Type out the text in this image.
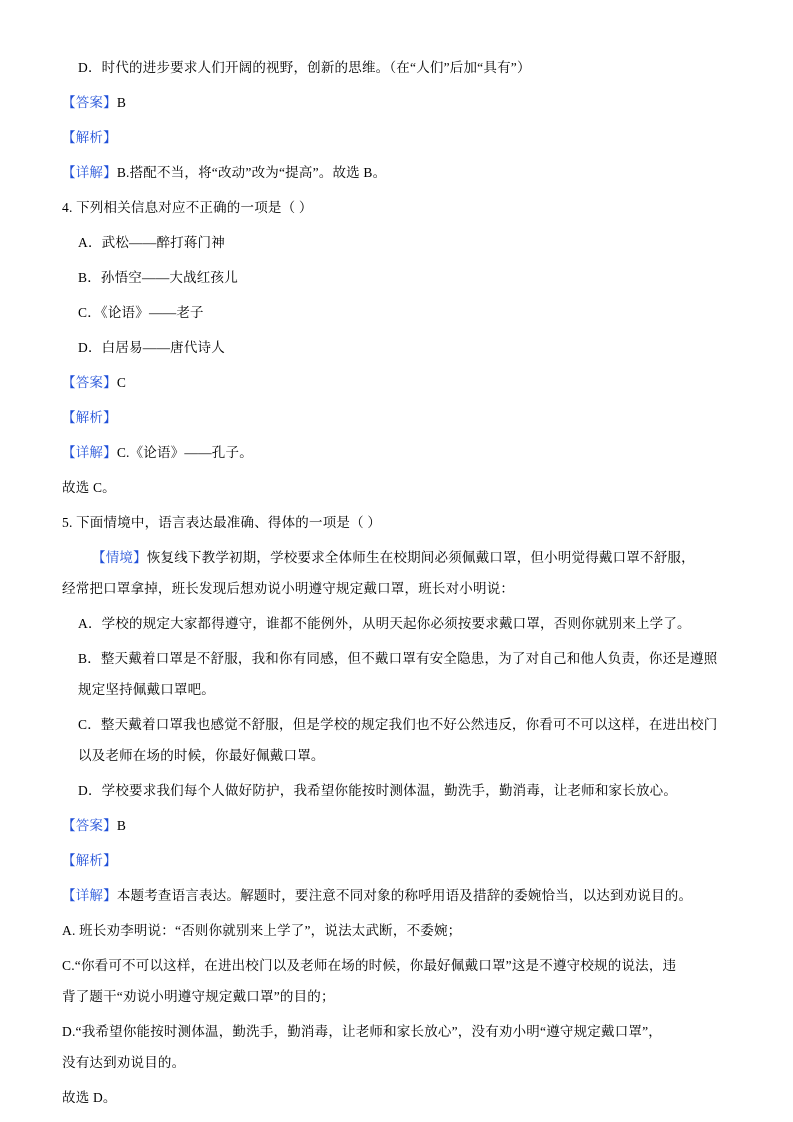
D．时代的进步要求人们开阔的视野，创新的思维。（在“人们”后加“具有”）

【答案】B

【解析】

【详解】B.搭配不当，将“改动”改为“提高”。故选 B。

4. 下列相关信息对应不正确的一项是（ ）

A．武松——醉打蒋门神

B．孙悟空——大战红孩儿

C．《论语》——老子

D．白居易——唐代诗人

【答案】C

【解析】

【详解】C.《论语》——孔子。

故选 C。

5. 下面情境中，语言表达最准确、得体的一项是（ ）

【情境】恢复线下教学初期，学校要求全体师生在校期间必须佩戴口罩，但小明觉得戴口罩不舒服，

经常把口罩拿掉，班长发现后想劝说小明遵守规定戴口罩，班长对小明说：

A．学校的规定大家都得遵守，谁都不能例外，从明天起你必须按要求戴口罩，否则你就别来上学了。

B．整天戴着口罩是不舒服，我和你有同感，但不戴口罩有安全隐患，为了对自己和他人负责，你还是遵照

规定坚持佩戴口罩吧。

C．整天戴着口罩我也感觉不舒服，但是学校的规定我们也不好公然违反，你看可不可以这样，在进出校门

以及老师在场的时候，你最好佩戴口罩。

D．学校要求我们每个人做好防护，我希望你能按时测体温，勤洗手，勤消毒，让老师和家长放心。

【答案】B

【解析】

【详解】本题考查语言表达。解题时，要注意不同对象的称呼用语及措辞的委婉恰当，以达到劝说目的。

A. 班长劝李明说：“否则你就别来上学了”，说法太武断，不委婉；

C.“你看可不可以这样，在进出校门以及老师在场的时候，你最好佩戴口罩”这是不遵守校规的说法，违

背了题干“劝说小明遵守规定戴口罩”的目的；

D.“我希望你能按时测体温，勤洗手，勤消毒，让老师和家长放心”，没有劝小明“遵守规定戴口罩”，

没有达到劝说目的。

故选 D。
